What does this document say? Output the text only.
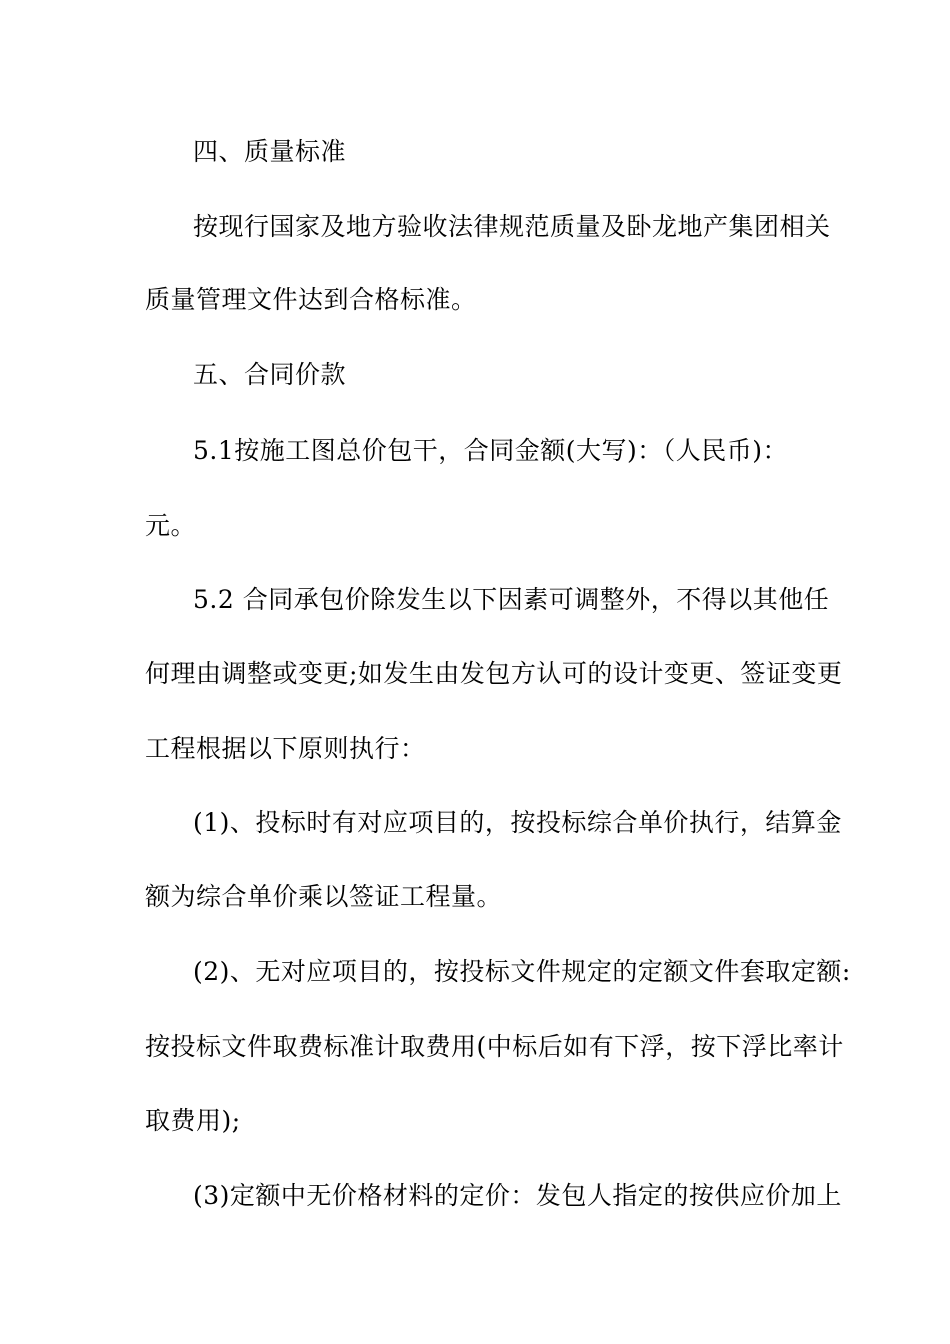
四、质量标准
按现行国家及地方验收法律规范质量及卧龙地产集团相关
质量管理文件达到合格标准。
五、合同价款
5.1按施工图总价包干，合同金额(大写)：（人民币)：
元。
5.2 合同承包价除发生以下因素可调整外，不得以其他任
何理由调整或变更;如发生由发包方认可的设计变更、签证变更
工程根据以下原则执行：
(1)、投标时有对应项目的，按投标综合单价执行，结算金
额为综合单价乘以签证工程量。
(2)、无对应项目的，按投标文件规定的定额文件套取定额:
按投标文件取费标准计取费用(中标后如有下浮，按下浮比率计
取费用);
(3)定额中无价格材料的定价：发包人指定的按供应价加上
